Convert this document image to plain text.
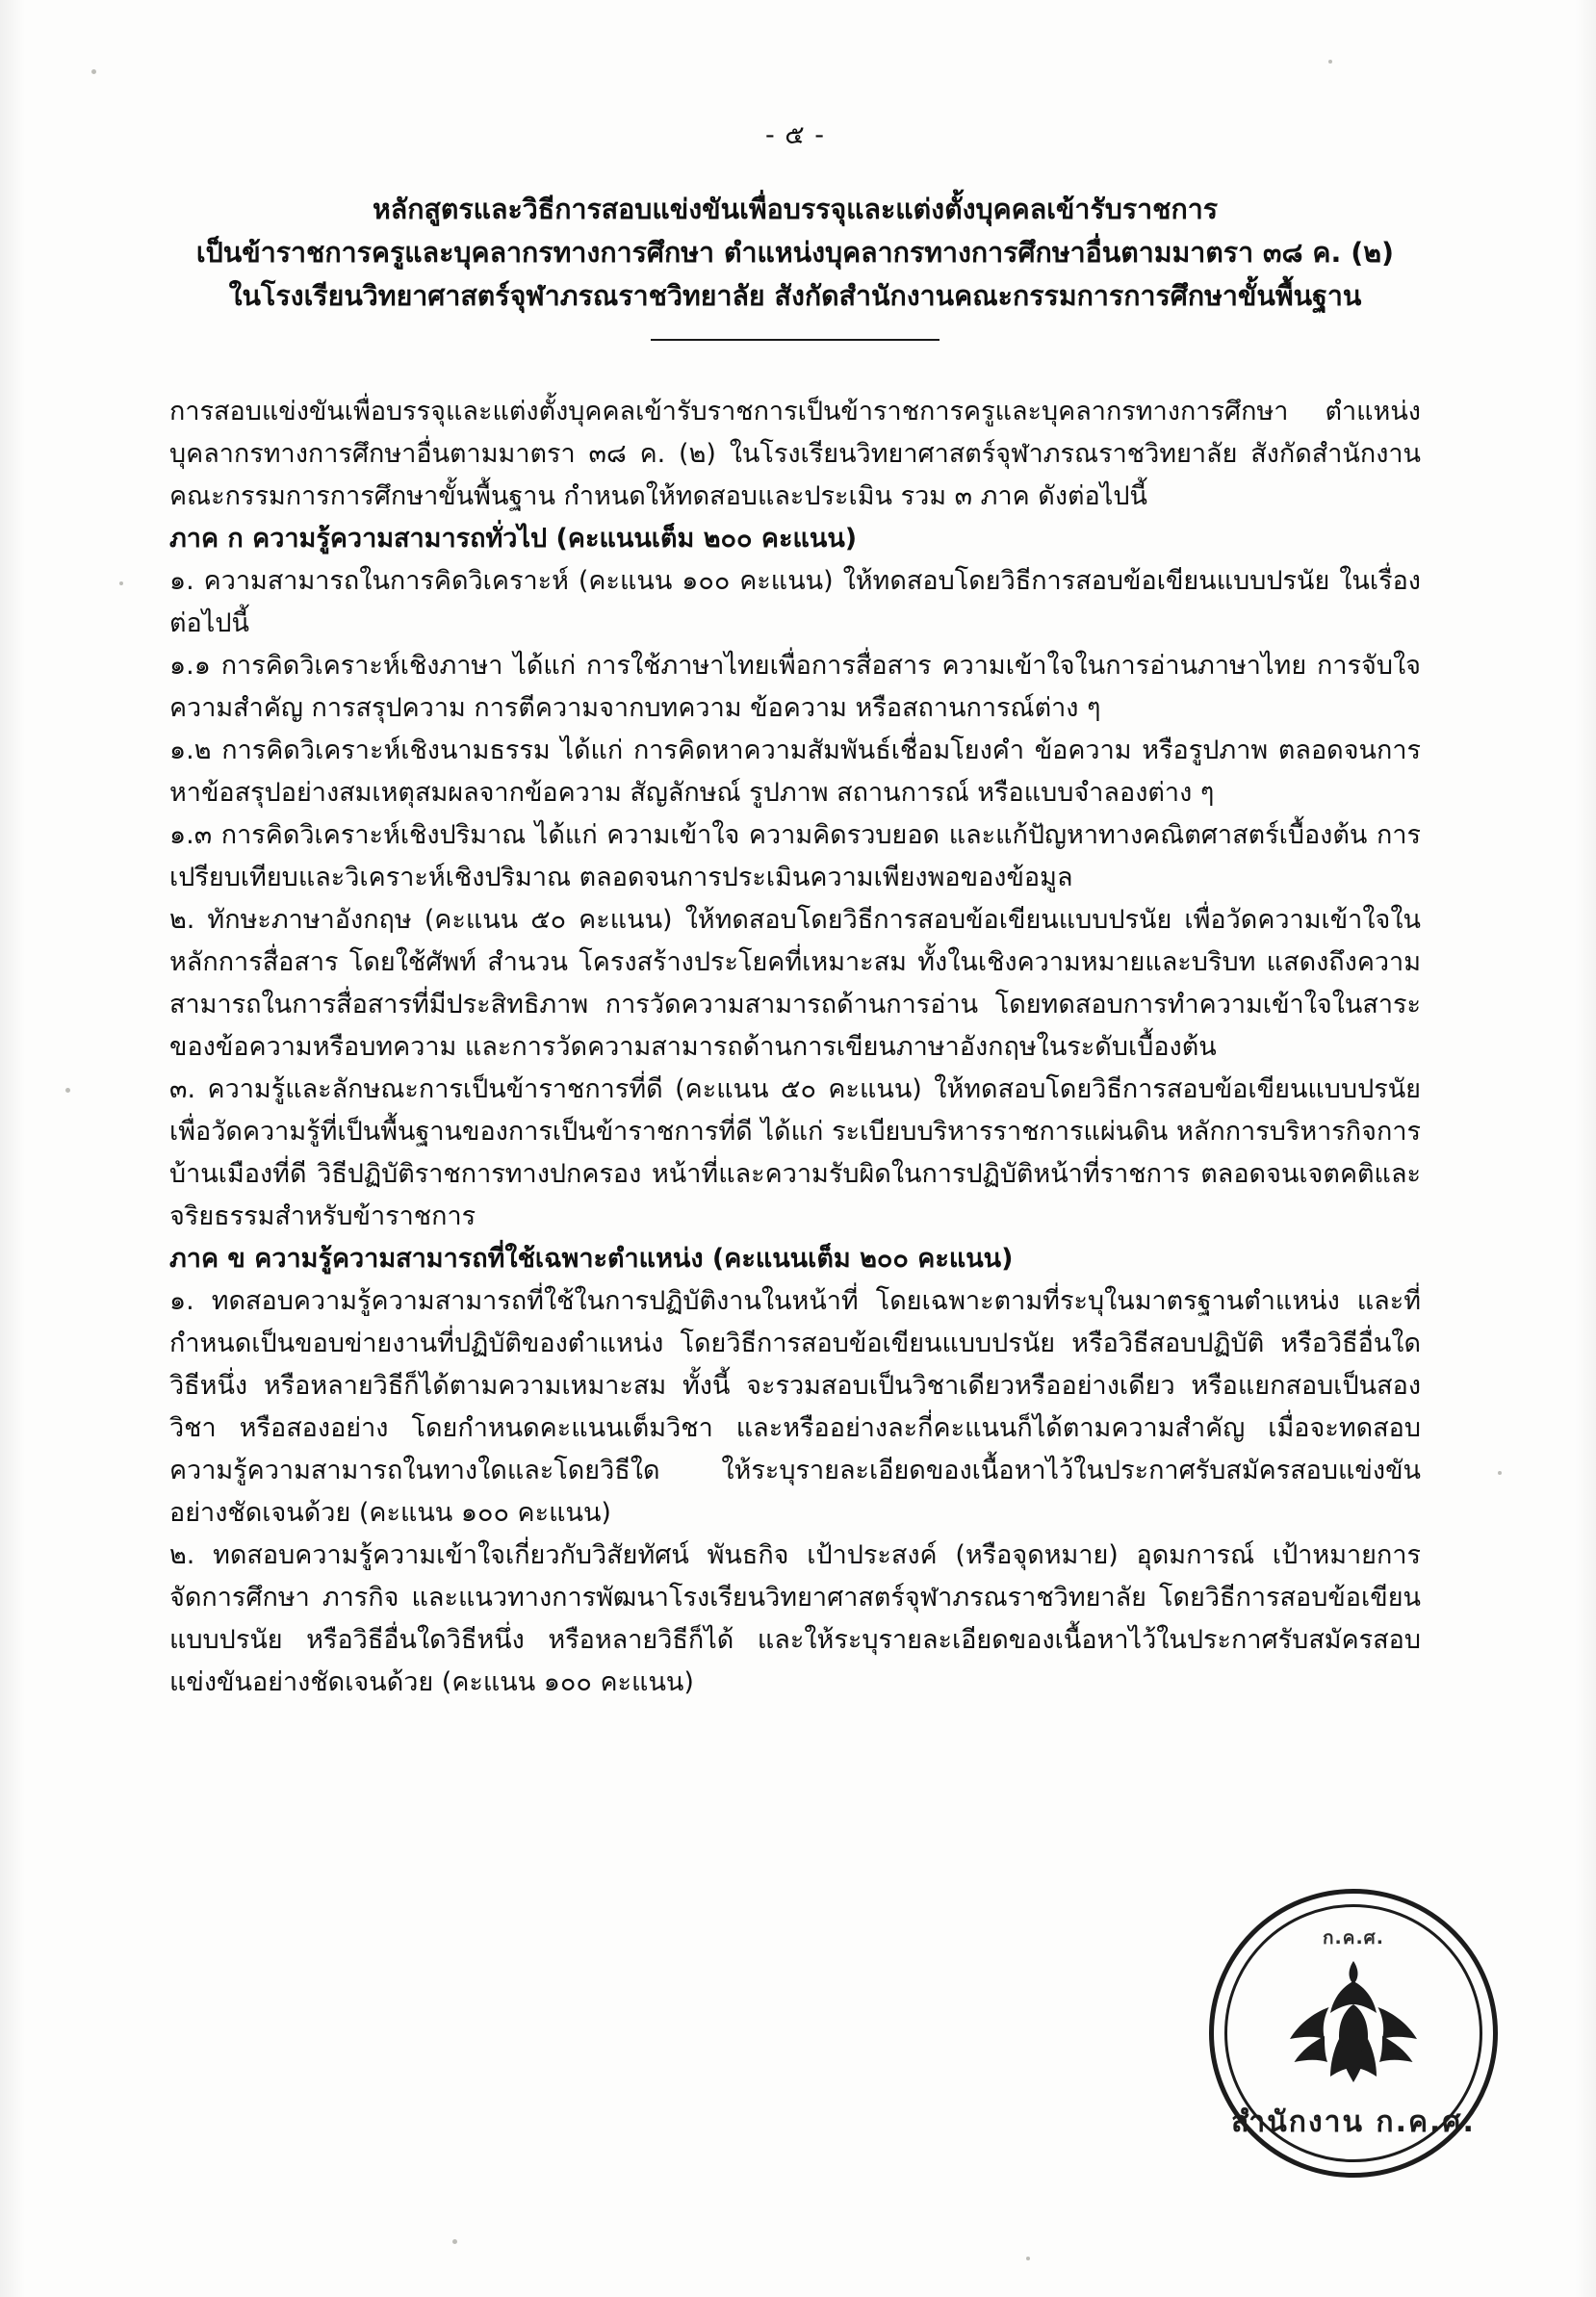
- ๕ -
หลักสูตรและวิธีการสอบแข่งขันเพื่อบรรจุและแต่งตั้งบุคคลเข้ารับราชการ
เป็นข้าราชการครูและบุคลากรทางการศึกษา ตำแหน่งบุคลากรทางการศึกษาอื่นตามมาตรา ๓๘ ค. (๒)
ในโรงเรียนวิทยาศาสตร์จุฬาภรณราชวิทยาลัย สังกัดสำนักงานคณะกรรมการการศึกษาขั้นพื้นฐาน

การสอบแข่งขันเพื่อบรรจุและแต่งตั้งบุคคลเข้ารับราชการเป็นข้าราชการครูและบุคลากรทางการศึกษา ตำแหน่งบุคลากรทางการศึกษาอื่นตามมาตรา ๓๘ ค. (๒) ในโรงเรียนวิทยาศาสตร์จุฬาภรณราชวิทยาลัย สังกัดสำนักงานคณะกรรมการการศึกษาขั้นพื้นฐาน กำหนดให้ทดสอบและประเมิน รวม ๓ ภาค ดังต่อไปนี้

ภาค ก ความรู้ความสามารถทั่วไป (คะแนนเต็ม ๒๐๐ คะแนน)

๑. ความสามารถในการคิดวิเคราะห์ (คะแนน ๑๐๐ คะแนน) ให้ทดสอบโดยวิธีการสอบข้อเขียนแบบปรนัย ในเรื่องต่อไปนี้

๑.๑ การคิดวิเคราะห์เชิงภาษา ได้แก่ การใช้ภาษาไทยเพื่อการสื่อสาร ความเข้าใจในการอ่านภาษาไทย การจับใจความสำคัญ การสรุปความ การตีความจากบทความ ข้อความ หรือสถานการณ์ต่าง ๆ

๑.๒ การคิดวิเคราะห์เชิงนามธรรม ได้แก่ การคิดหาความสัมพันธ์เชื่อมโยงคำ ข้อความ หรือรูปภาพ ตลอดจนการหาข้อสรุปอย่างสมเหตุสมผลจากข้อความ สัญลักษณ์ รูปภาพ สถานการณ์ หรือแบบจำลองต่าง ๆ

๑.๓ การคิดวิเคราะห์เชิงปริมาณ ได้แก่ ความเข้าใจ ความคิดรวบยอด และแก้ปัญหาทางคณิตศาสตร์เบื้องต้น การเปรียบเทียบและวิเคราะห์เชิงปริมาณ ตลอดจนการประเมินความเพียงพอของข้อมูล

๒. ทักษะภาษาอังกฤษ (คะแนน ๕๐ คะแนน) ให้ทดสอบโดยวิธีการสอบข้อเขียนแบบปรนัย เพื่อวัดความเข้าใจในหลักการสื่อสาร โดยใช้ศัพท์ สำนวน โครงสร้างประโยคที่เหมาะสม ทั้งในเชิงความหมายและบริบท แสดงถึงความสามารถในการสื่อสารที่มีประสิทธิภาพ การวัดความสามารถด้านการอ่าน โดยทดสอบการทำความเข้าใจในสาระของข้อความหรือบทความ และการวัดความสามารถด้านการเขียนภาษาอังกฤษในระดับเบื้องต้น

๓. ความรู้และลักษณะการเป็นข้าราชการที่ดี (คะแนน ๕๐ คะแนน) ให้ทดสอบโดยวิธีการสอบข้อเขียนแบบปรนัย เพื่อวัดความรู้ที่เป็นพื้นฐานของการเป็นข้าราชการที่ดี ได้แก่ ระเบียบบริหารราชการแผ่นดิน หลักการบริหารกิจการบ้านเมืองที่ดี วิธีปฏิบัติราชการทางปกครอง หน้าที่และความรับผิดในการปฏิบัติหน้าที่ราชการ ตลอดจนเจตคติและจริยธรรมสำหรับข้าราชการ

ภาค ข ความรู้ความสามารถที่ใช้เฉพาะตำแหน่ง (คะแนนเต็ม ๒๐๐ คะแนน)

๑. ทดสอบความรู้ความสามารถที่ใช้ในการปฏิบัติงานในหน้าที่ โดยเฉพาะตามที่ระบุในมาตรฐานตำแหน่ง และที่กำหนดเป็นขอบข่ายงานที่ปฏิบัติของตำแหน่ง โดยวิธีการสอบข้อเขียนแบบปรนัย หรือวิธีสอบปฏิบัติ หรือวิธีอื่นใดวิธีหนึ่ง หรือหลายวิธีก็ได้ตามความเหมาะสม ทั้งนี้ จะรวมสอบเป็นวิชาเดียวหรืออย่างเดียว หรือแยกสอบเป็นสองวิชา หรือสองอย่าง โดยกำหนดคะแนนเต็มวิชา และหรืออย่างละกี่คะแนนก็ได้ตามความสำคัญ เมื่อจะทดสอบความรู้ความสามารถในทางใดและโดยวิธีใด ให้ระบุรายละเอียดของเนื้อหาไว้ในประกาศรับสมัครสอบแข่งขันอย่างชัดเจนด้วย (คะแนน ๑๐๐ คะแนน)

๒. ทดสอบความรู้ความเข้าใจเกี่ยวกับวิสัยทัศน์ พันธกิจ เป้าประสงค์ (หรือจุดหมาย) อุดมการณ์ เป้าหมายการจัดการศึกษา ภารกิจ และแนวทางการพัฒนาโรงเรียนวิทยาศาสตร์จุฬาภรณราชวิทยาลัย โดยวิธีการสอบข้อเขียนแบบปรนัย หรือวิธีอื่นใดวิธีหนึ่ง หรือหลายวิธีก็ได้ และให้ระบุรายละเอียดของเนื้อหาไว้ในประกาศรับสมัครสอบแข่งขันอย่างชัดเจนด้วย (คะแนน ๑๐๐ คะแนน)

ก.ค.ศ.
สำนักงาน ก.ค.ศ.
